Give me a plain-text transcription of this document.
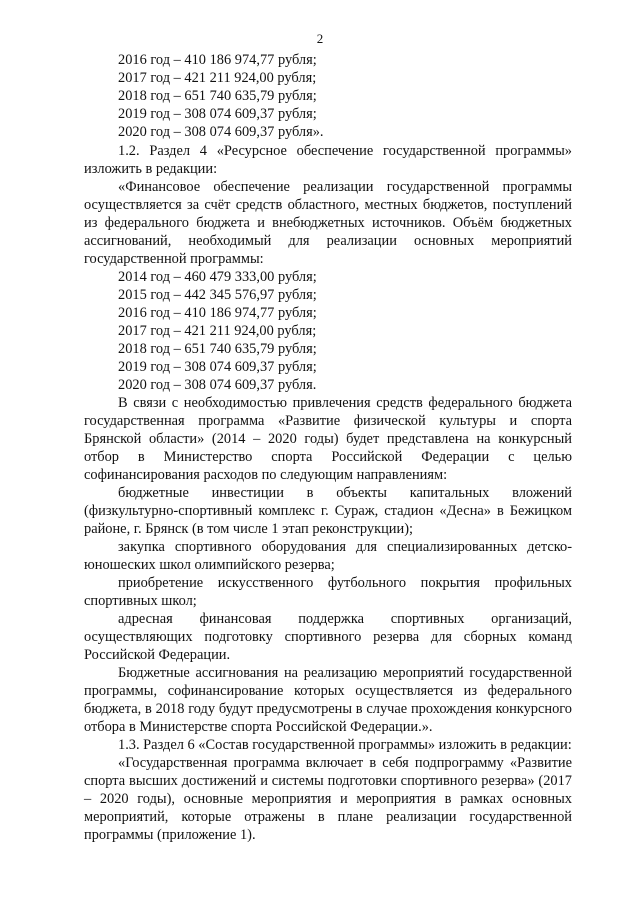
2
2016 год – 410 186 974,77 рубля;
2017 год – 421 211 924,00 рубля;
2018 год – 651 740 635,79 рубля;
2019 год – 308 074 609,37 рубля;
2020 год – 308 074 609,37 рубля».
1.2. Раздел 4 «Ресурсное обеспечение государственной программы» изложить в редакции:
«Финансовое обеспечение реализации государственной программы осуществляется за счёт средств областного, местных бюджетов, поступлений из федерального бюджета и внебюджетных источников. Объём бюджетных ассигнований, необходимый для реализации основных мероприятий государственной программы:
2014 год – 460 479 333,00 рубля;
2015 год – 442 345 576,97 рубля;
2016 год – 410 186 974,77 рубля;
2017 год – 421 211 924,00 рубля;
2018 год – 651 740 635,79 рубля;
2019 год – 308 074 609,37 рубля;
2020 год – 308 074 609,37 рубля.
В связи с необходимостью привлечения средств федерального бюджета государственная программа «Развитие физической культуры и спорта Брянской области» (2014 – 2020 годы) будет представлена на конкурсный отбор в Министерство спорта Российской Федерации с целью софинансирования расходов по следующим направлениям:
бюджетные инвестиции в объекты капитальных вложений (физкультурно-спортивный комплекс г. Сураж, стадион «Десна» в Бежицком районе, г. Брянск (в том числе 1 этап реконструкции);
закупка спортивного оборудования для специализированных детско-юношеских школ олимпийского резерва;
приобретение искусственного футбольного покрытия профильных спортивных школ;
адресная финансовая поддержка спортивных организаций, осуществляющих подготовку спортивного резерва для сборных команд Российской Федерации.
Бюджетные ассигнования на реализацию мероприятий государственной программы, софинансирование которых осуществляется из федерального бюджета, в 2018 году будут предусмотрены в случае прохождения конкурсного отбора в Министерстве спорта Российской Федерации.».
1.3. Раздел 6 «Состав государственной программы» изложить в редакции:
«Государственная программа включает в себя подпрограмму «Развитие спорта высших достижений и системы подготовки спортивного резерва» (2017 – 2020 годы), основные мероприятия и мероприятия в рамках основных мероприятий, которые отражены в плане реализации государственной программы (приложение 1).
